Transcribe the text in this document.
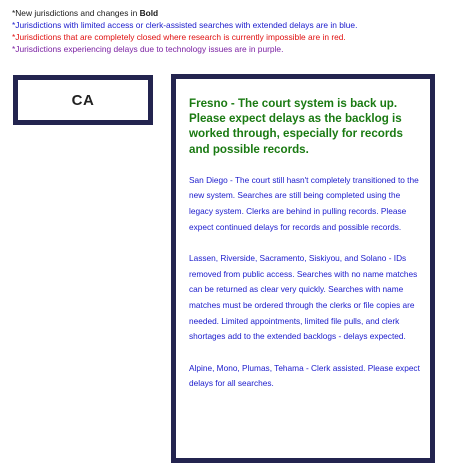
*New jurisdictions and changes in Bold
*Jurisdictions with limited access or clerk-assisted searches with extended delays are in blue.
*Jurisdictions that are completely closed where research is currently impossible are in red.
*Jurisdictions experiencing delays due to technology issues are in purple.
CA	Fresno - The court system is back up. Please expect delays as the backlog is worked through, especially for records and possible records.

San Diego - The court still hasn't completely transitioned to the new system. Searches are still being completed using the legacy system. Clerks are behind in pulling records. Please expect continued delays for records and possible records.

Lassen, Riverside, Sacramento, Siskiyou, and Solano - IDs removed from public access. Searches with no name matches can be returned as clear very quickly. Searches with name matches must be ordered through the clerks or file copies are needed. Limited appointments, limited file pulls, and clerk shortages add to the extended backlogs - delays expected.

Alpine, Mono, Plumas, Tehama - Clerk assisted. Please expect delays for all searches.
